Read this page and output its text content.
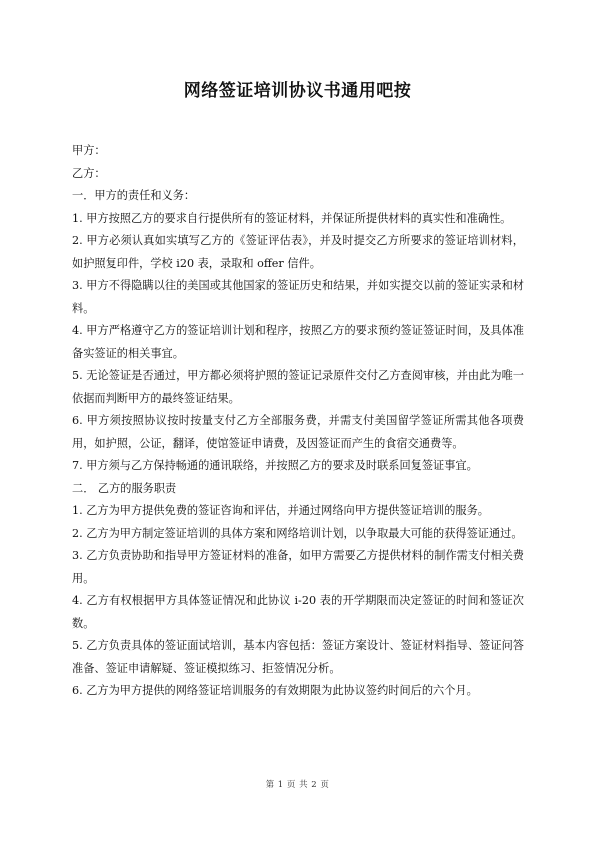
网络签证培训协议书通用吧按

甲方：

乙方：

一．甲方的责任和义务：

1. 甲方按照乙方的要求自行提供所有的签证材料，并保证所提供材料的真实性和准确性。

2. 甲方必须认真如实填写乙方的《签证评估表》，并及时提交乙方所要求的签证培训材料，如护照复印件，学校 i20 表，录取和 offer 信件。

3. 甲方不得隐瞒以往的美国或其他国家的签证历史和结果，并如实提交以前的签证实录和材料。

4. 甲方严格遵守乙方的签证培训计划和程序，按照乙方的要求预约签证签证时间，及具体准备实签证的相关事宜。

5. 无论签证是否通过，甲方都必须将护照的签证记录原件交付乙方查阅审核，并由此为唯一依据而判断甲方的最终签证结果。

6. 甲方须按照协议按时按量支付乙方全部服务费，并需支付美国留学签证所需其他各项费用，如护照，公证，翻译，使馆签证申请费，及因签证而产生的食宿交通费等。

7. 甲方须与乙方保持畅通的通讯联络，并按照乙方的要求及时联系回复签证事宜。

二． 乙方的服务职责

1. 乙方为甲方提供免费的签证咨询和评估，并通过网络向甲方提供签证培训的服务。

2. 乙方为甲方制定签证培训的具体方案和网络培训计划，以争取最大可能的获得签证通过。

3. 乙方负责协助和指导甲方签证材料的准备，如甲方需要乙方提供材料的制作需支付相关费用。

4. 乙方有权根据甲方具体签证情况和此协议 i-20 表的开学期限而决定签证的时间和签证次数。

5. 乙方负责具体的签证面试培训，基本内容包括：签证方案设计、签证材料指导、签证问答准备、签证申请解疑、签证模拟练习、拒签情况分析。

6. 乙方为甲方提供的网络签证培训服务的有效期限为此协议签约时间后的六个月。

第 1 页 共 2 页
